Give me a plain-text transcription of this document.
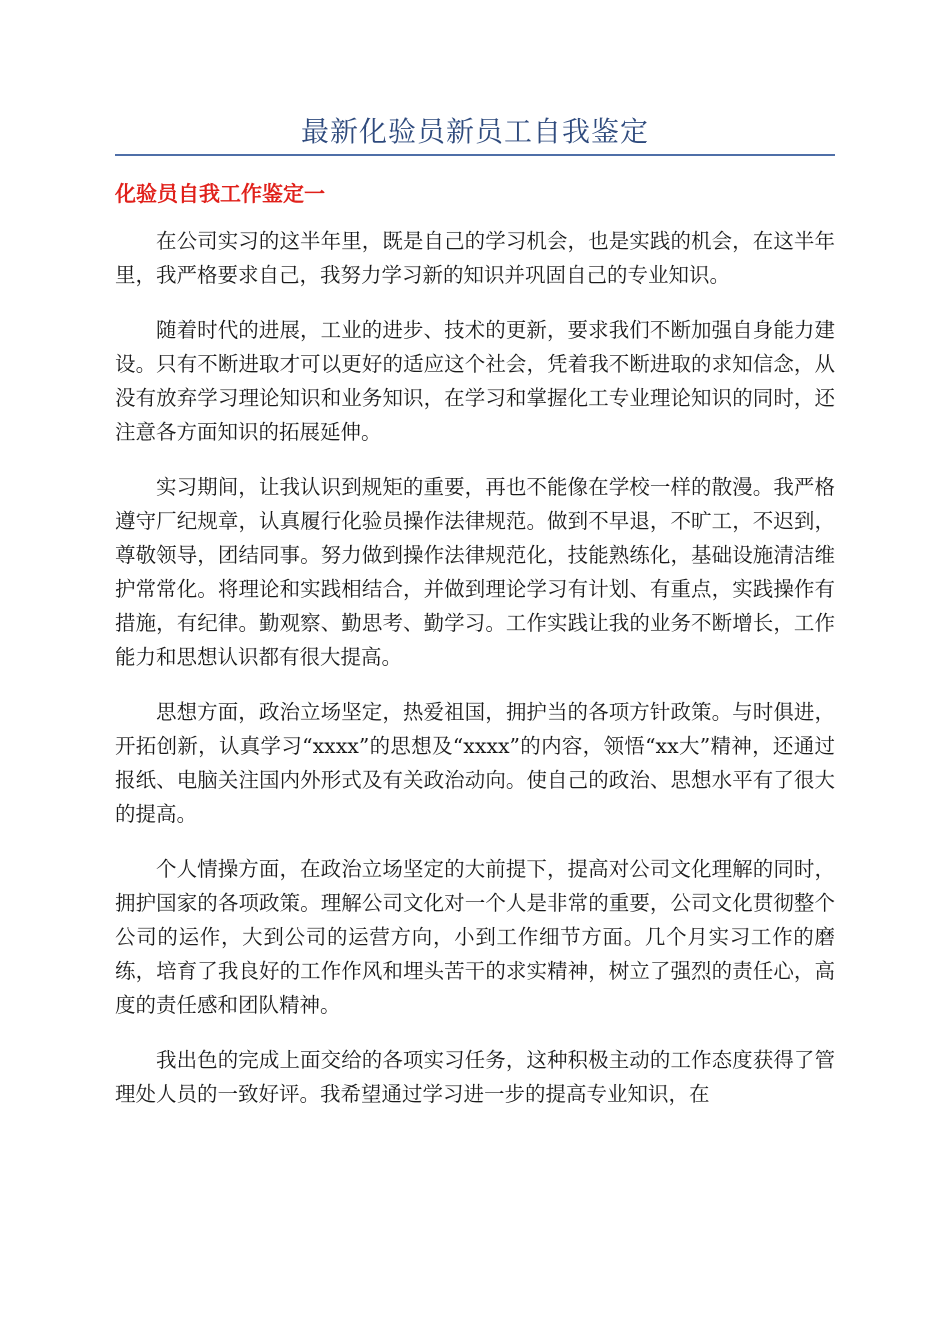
最新化验员新员工自我鉴定
化验员自我工作鉴定一

在公司实习的这半年里，既是自己的学习机会，也是实践的机会，在这半年里，我严格要求自己，我努力学习新的知识并巩固自己的专业知识。

随着时代的进展，工业的进步、技术的更新，要求我们不断加强自身能力建设。只有不断进取才可以更好的适应这个社会，凭着我不断进取的求知信念，从没有放弃学习理论知识和业务知识，在学习和掌握化工专业理论知识的同时，还注意各方面知识的拓展延伸。

实习期间，让我认识到规矩的重要，再也不能像在学校一样的散漫。我严格遵守厂纪规章，认真履行化验员操作法律规范。做到不早退，不旷工，不迟到，尊敬领导，团结同事。努力做到操作法律规范化，技能熟练化，基础设施清洁维护常常化。将理论和实践相结合，并做到理论学习有计划、有重点，实践操作有措施，有纪律。勤观察、勤思考、勤学习。工作实践让我的业务不断增长，工作能力和思想认识都有很大提高。

思想方面，政治立场坚定，热爱祖国，拥护当的各项方针政策。与时俱进，开拓创新，认真学习“xxxx”的思想及“xxxx”的内容，领悟“xx大”精神，还通过报纸、电脑关注国内外形式及有关政治动向。使自己的政治、思想水平有了很大的提高。

个人情操方面，在政治立场坚定的大前提下，提高对公司文化理解的同时，拥护国家的各项政策。理解公司文化对一个人是非常的重要，公司文化贯彻整个公司的运作，大到公司的运营方向，小到工作细节方面。几个月实习工作的磨练，培育了我良好的工作作风和埋头苦干的求实精神，树立了强烈的责任心，高度的责任感和团队精神。

我出色的完成上面交给的各项实习任务，这种积极主动的工作态度获得了管理处人员的一致好评。我希望通过学习进一步的提高专业知识，在
